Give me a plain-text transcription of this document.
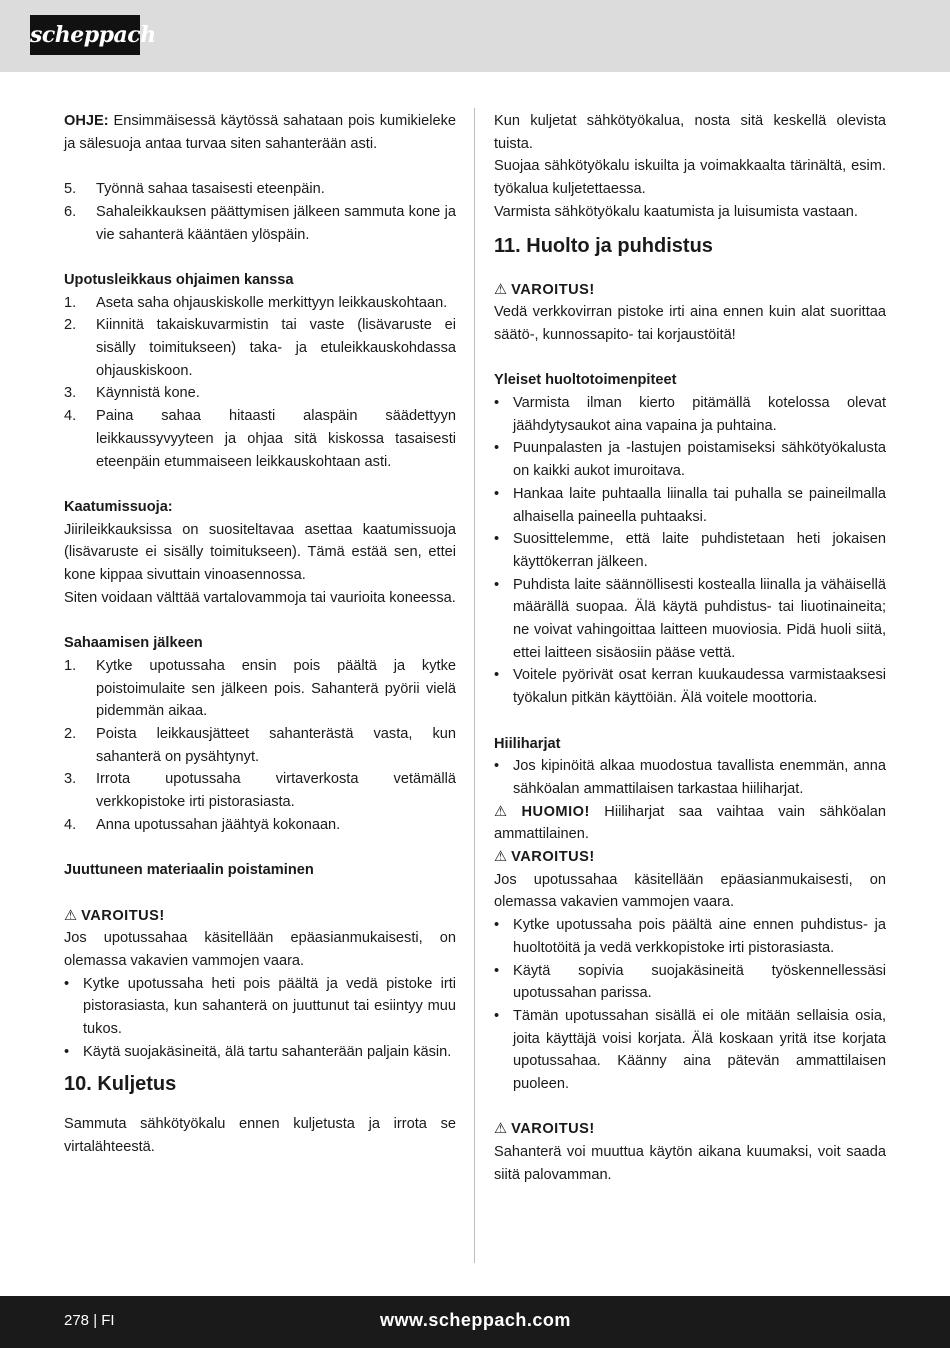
scheppach

OHJE: Ensimmäisessä käytössä sahataan pois kumikieleke ja sälesuoja antaa turvaa siten sahanterään asti.

5.	Työnnä sahaa tasaisesti eteenpäin.
6.	Sahaleikkauksen päättymisen jälkeen sammuta kone ja vie sahanterä kääntäen ylöspäin.

Upotusleikkaus ohjaimen kanssa

1.	Aseta saha ohjauskiskolle merkittyyn leikkauskohtaan.
2.	Kiinnitä takaiskuvarmistin tai vaste (lisävaruste ei sisälly toimitukseen) taka- ja etuleikkauskohdassa ohjauskiskoon.
3.	Käynnistä kone.
4.	Paina sahaa hitaasti alaspäin säädettyyn leikkaussyvyyteen ja ohjaa sitä kiskossa tasaisesti eteenpäin etummaiseen leikkauskohtaan asti.

Kaatumissuoja:

Jiirileikkauksissa on suositeltavaa asettaa kaatumissuoja (lisävaruste ei sisälly toimitukseen). Tämä estää sen, ettei kone kippaa sivuttain vinoasennossa.

Siten voidaan välttää vartalovammoja tai vaurioita koneessa.

Sahaamisen jälkeen

1.	Kytke upotussaha ensin pois päältä ja kytke poistoimulaite sen jälkeen pois. Sahanterä pyörii vielä pidemmän aikaa.
2.	Poista leikkausjätteet sahanterästä vasta, kun sahanterä on pysähtynyt.
3.	Irrota upotussaha virtaverkosta vetämällä verkkopistoke irti pistorasiasta.
4.	Anna upotussahan jäähtyä kokonaan.

Juuttuneen materiaalin poistaminen

⚠ VAROITUS!

Jos upotussahaa käsitellään epäasianmukaisesti, on olemassa vakavien vammojen vaara.

• Kytke upotussaha heti pois päältä ja vedä pistoke irti pistorasiasta, kun sahanterä on juuttunut tai esiintyy muu tukos.
• Käytä suojakäsineitä, älä tartu sahanterään paljain käsin.
10. Kuljetus

Sammuta sähkötyökalu ennen kuljetusta ja irrota se virtalähteestä.

Kun kuljetat sähkötyökalua, nosta sitä keskellä olevista tuista.

Suojaa sähkötyökalu iskuilta ja voimakkaalta tärinältä, esim. työkalua kuljetettaessa.

Varmista sähkötyökalu kaatumista ja luisumista vastaan.

11. Huolto ja puhdistus

⚠ VAROITUS!

Vedä verkkovirran pistoke irti aina ennen kuin alat suorittaa säätö-, kunnossapito- tai korjaustöitä!

Yleiset huoltotoimenpiteet

• Varmista ilman kierto pitämällä kotelossa olevat jäähdytysaukot aina vapaina ja puhtaina.
• Puunpalasten ja -lastujen poistamiseksi sähkötyökalusta on kaikki aukot imuroitava.
• Hankaa laite puhtaalla liinalla tai puhalla se paineilmalla alhaisella paineella puhtaaksi.
• Suosittelemme, että laite puhdistetaan heti jokaisen käyttökerran jälkeen.
• Puhdista laite säännöllisesti kostealla liinalla ja vähäisellä määrällä suopaa. Älä käytä puhdistus- tai liuotinaineita; ne voivat vahingoittaa laitteen muoviosia. Pidä huoli siitä, ettei laitteen sisäosiin pääse vettä.
• Voitele pyörivät osat kerran kuukaudessa varmistaaksesi työkalun pitkän käyttöiän. Älä voitele moottoria.

Hiiliharjat

• Jos kipinöitä alkaa muodostua tavallista enemmän, anna sähköalan ammattilaisen tarkastaa hiiliharjat.

⚠ HUOMIO! Hiiliharjat saa vaihtaa vain sähköalan ammattilainen.

⚠ VAROITUS!

Jos upotussahaa käsitellään epäasianmukaisesti, on olemassa vakavien vammojen vaara.

• Kytke upotussaha pois päältä aine ennen puhdistus- ja huoltotöitä ja vedä verkkopistoke irti pistorasiasta.
• Käytä sopivia suojakäsineitä työskennellessäsi upotussahan parissa.
• Tämän upotussahan sisällä ei ole mitään sellaisia osia, joita käyttäjä voisi korjata. Älä koskaan yritä itse korjata upotussahaa. Käänny aina pätevän ammattilaisen puoleen.

⚠ VAROITUS!

Sahanterä voi muuttua käytön aikana kuumaksi, voit saada siitä palovamman.

278 | FI	www.scheppach.com
